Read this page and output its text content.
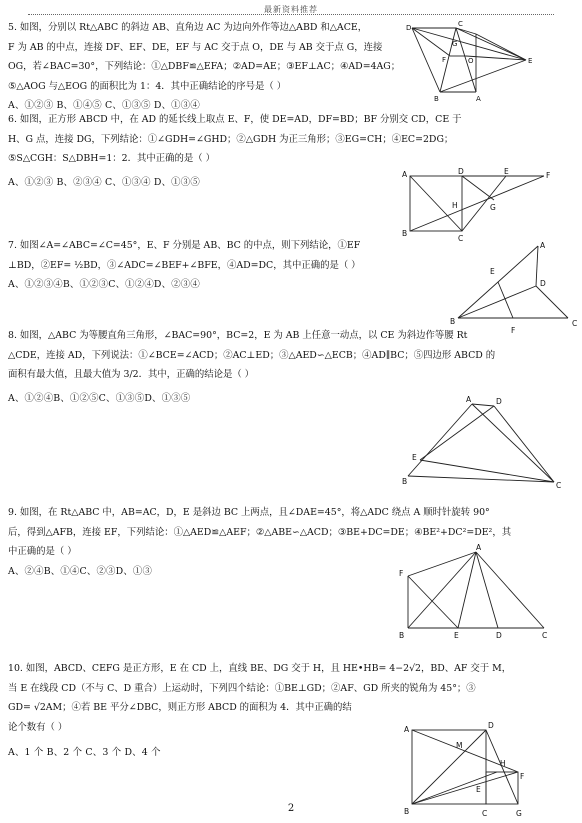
最新资料推荐

5. 如图，分别以 Rt△ABC 的斜边 AB、直角边 AC 为边向外作等边△ABD 和△ACE，

F 为 AB 的中点，连接 DF、EF、DE，EF 与 AC 交于点 O，DE 与 AB 交于点 G，连接

OG，若∠BAC=30°，下列结论：①△DBF≌△EFA；②AD=AE；③EF⊥AC；④AD=4AG；

⑤△AOG 与△EOG 的面积比为 1：4．其中正确结论的序号是（ ）

A、①②③ B、①④⑤ C、①③⑤ D、①③④

D
G
C
F	O	E
A
B

6. 如图，正方形 ABCD 中，在 AD 的延长线上取点 E、F，使 DE=AD，DF=BD；BF 分别交 CD，CE 于

H、G 点，连接 DG，下列结论：①∠GDH=∠GHD；②△GDH 为正三角形；③EG=CH；④EC=2DG；

⑤S△CGH：S△DBH=1：2．其中正确的是（ ）

A、①②③ B、②③④ C、①③④ D、①③⑤

A	D	E	F
H	G
B
C

7. 如图∠A=∠ABC=∠C=45°，E、F 分别是 AB、BC 的中点，则下列结论，①EF

⊥BD，②EF= ½BD，③∠ADC=∠BEF+∠BFE，④AD=DC，其中正确的是（ ）

A、①②③④B、①②③C、①②④D、②③④

A
E
D
B
F
C

8. 如图，△ABC 为等腰直角三角形，∠BAC=90°，BC=2，E 为 AB 上任意一动点，以 CE 为斜边作等腰 Rt

△CDE，连接 AD，下列说法：①∠BCE=∠ACD；②AC⊥ED；③△AED∽△ECB；④AD∥BC；⑤四边形 ABCD 的

面积有最大值，且最大值为 3/2．其中，正确的结论是（ ）

A、①②④B、①②⑤C、①③⑤D、①③⑤	A	D
E
B	C

9. 如图，在 Rt△ABC 中，AB=AC，D，E 是斜边 BC 上两点，且∠DAE=45°，将△ADC 绕点 A 顺时针旋转 90°

后，得到△AFB，连接 EF，下列结论：①△AED≌△AEF；②△ABE∽△ACD；③BE+DC=DE；④BE²+DC²=DE²，其

中正确的是（ ）

A、②④B、①④C、②③D、①③

A
F
B	E	D	C

10. 如图，ABCD、CEFG 是正方形，E 在 CD 上，直线 BE、DG 交于 H，且 HE•HB= 4−2√2，BD、AF 交于 M，

当 E 在线段 CD（不与 C、D 重合）上运动时，下列四个结论：①BE⊥GD；②AF、GD 所夹的锐角为 45°；③

GD= √2AM；④若 BE 平分∠DBC，则正方形 ABCD 的面积为 4．其中正确的结

论个数有（ ）

A、1 个 B、2 个 C、3 个 D、4 个

A	D
M
H
F
E
B	C	G
2
